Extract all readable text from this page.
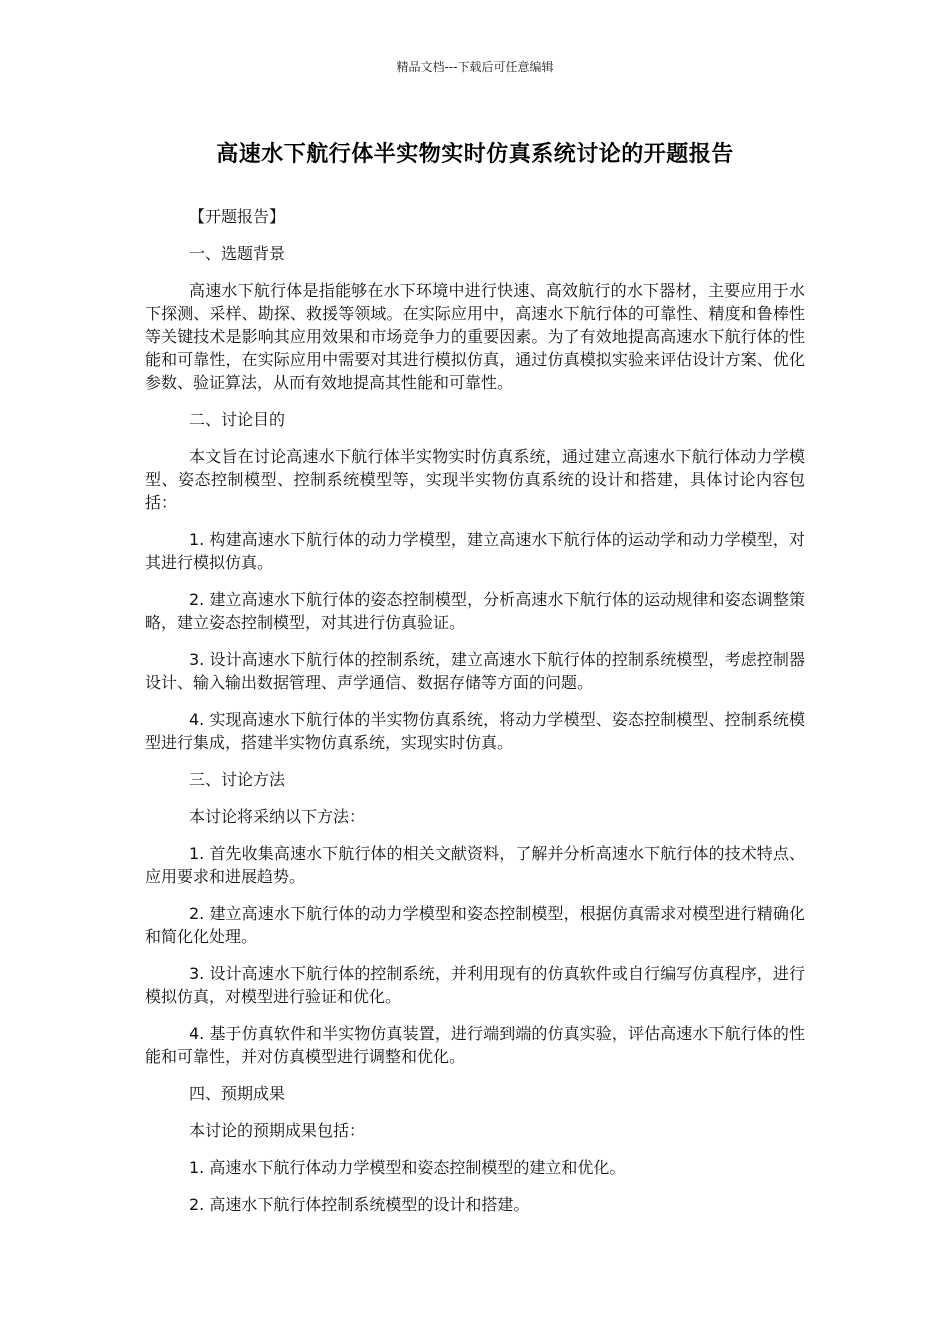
精品文档---下载后可任意编辑
高速水下航行体半实物实时仿真系统讨论的开题报告

【开题报告】

一、选题背景

高速水下航行体是指能够在水下环境中进行快速、高效航行的水下器材，主要应用于水下探测、采样、勘探、救援等领域。在实际应用中，高速水下航行体的可靠性、精度和鲁棒性等关键技术是影响其应用效果和市场竞争力的重要因素。为了有效地提高高速水下航行体的性能和可靠性，在实际应用中需要对其进行模拟仿真，通过仿真模拟实验来评估设计方案、优化参数、验证算法，从而有效地提高其性能和可靠性。

二、讨论目的

本文旨在讨论高速水下航行体半实物实时仿真系统，通过建立高速水下航行体动力学模型、姿态控制模型、控制系统模型等，实现半实物仿真系统的设计和搭建，具体讨论内容包括：

1. 构建高速水下航行体的动力学模型，建立高速水下航行体的运动学和动力学模型，对其进行模拟仿真。

2. 建立高速水下航行体的姿态控制模型，分析高速水下航行体的运动规律和姿态调整策略，建立姿态控制模型，对其进行仿真验证。

3. 设计高速水下航行体的控制系统，建立高速水下航行体的控制系统模型，考虑控制器设计、输入输出数据管理、声学通信、数据存储等方面的问题。

4. 实现高速水下航行体的半实物仿真系统，将动力学模型、姿态控制模型、控制系统模型进行集成，搭建半实物仿真系统，实现实时仿真。

三、讨论方法

本讨论将采纳以下方法：

1. 首先收集高速水下航行体的相关文献资料，了解并分析高速水下航行体的技术特点、应用要求和进展趋势。

2. 建立高速水下航行体的动力学模型和姿态控制模型，根据仿真需求对模型进行精确化和简化化处理。

3. 设计高速水下航行体的控制系统，并利用现有的仿真软件或自行编写仿真程序，进行模拟仿真，对模型进行验证和优化。

4. 基于仿真软件和半实物仿真装置，进行端到端的仿真实验，评估高速水下航行体的性能和可靠性，并对仿真模型进行调整和优化。

四、预期成果

本讨论的预期成果包括：

1. 高速水下航行体动力学模型和姿态控制模型的建立和优化。

2. 高速水下航行体控制系统模型的设计和搭建。
